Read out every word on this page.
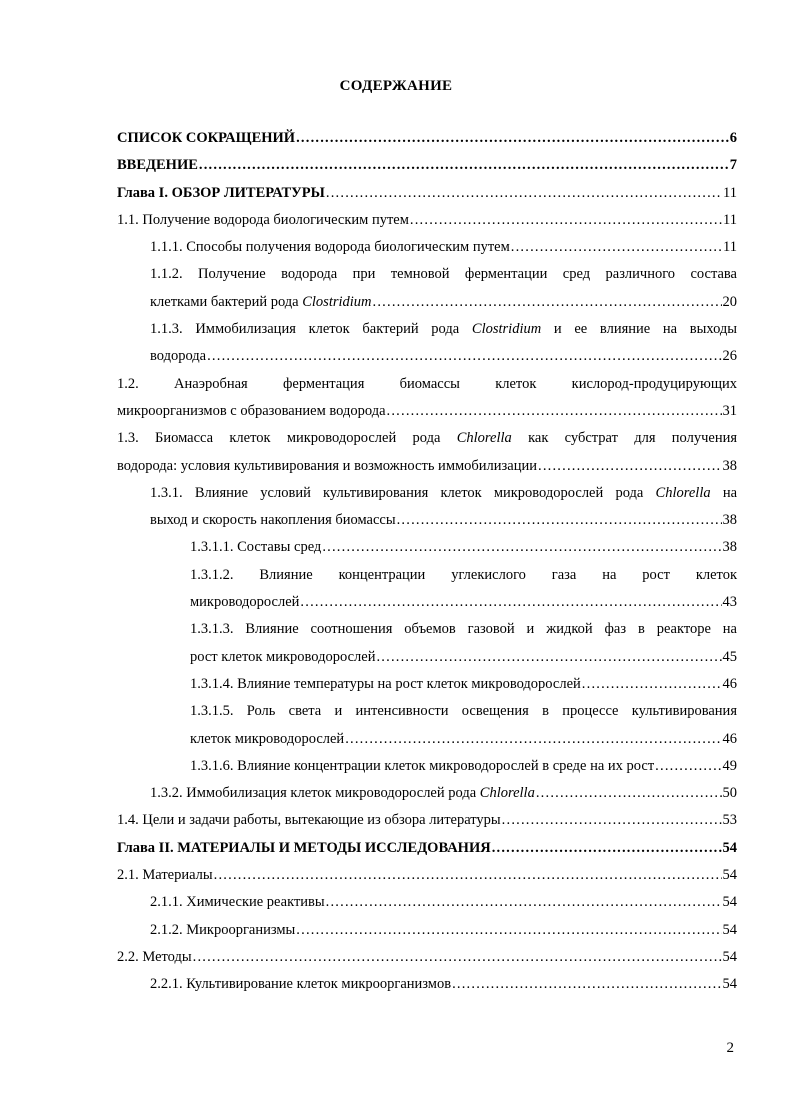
СОДЕРЖАНИЕ
СПИСОК СОКРАЩЕНИЙ .....	6
ВВЕДЕНИЕ .....	7
Глава I. ОБЗОР ЛИТЕРАТУРЫ .....	11
1.1. Получение водорода биологическим путем .....	11
1.1.1. Способы получения водорода биологическим путем .....	11
1.1.2. Получение водорода при темновой ферментации сред различного состава
клетками бактерий рода Clostridium .....	20
1.1.3. Иммобилизация клеток бактерий рода Clostridium и ее влияние на выходы
водорода .....	26
1.2. Анаэробная ферментация биомассы клеток кислород-продуцирующих
микроорганизмов с образованием водорода .....	31
1.3. Биомасса клеток микроводорослей рода Chlorella как субстрат для получения
водорода: условия культивирования и возможность иммобилизации .....	38
1.3.1. Влияние условий культивирования клеток микроводорослей рода Chlorella на
выход и скорость накопления биомассы .....	38
1.3.1.1. Составы сред .....	38
1.3.1.2. Влияние концентрации углекислого газа на рост клеток
микроводорослей .....	43
1.3.1.3. Влияние соотношения объемов газовой и жидкой фаз в реакторе на
рост клеток микроводорослей .....	45
1.3.1.4. Влияние температуры на рост клеток микроводорослей .....	46
1.3.1.5. Роль света и интенсивности освещения в процессе культивирования
клеток микроводорослей .....	46
1.3.1.6. Влияние концентрации клеток микроводорослей в среде на их рост .....	49
1.3.2. Иммобилизация клеток микроводорослей рода Chlorella .....	50
1.4. Цели и задачи работы, вытекающие из обзора литературы .....	53
Глава II. МАТЕРИАЛЫ И МЕТОДЫ ИССЛЕДОВАНИЯ .....	54
2.1. Материалы .....	54
2.1.1. Химические реактивы .....	54
2.1.2. Микроорганизмы .....	54
2.2. Методы .....	54
2.2.1. Культивирование клеток микроорганизмов .....	54
2
